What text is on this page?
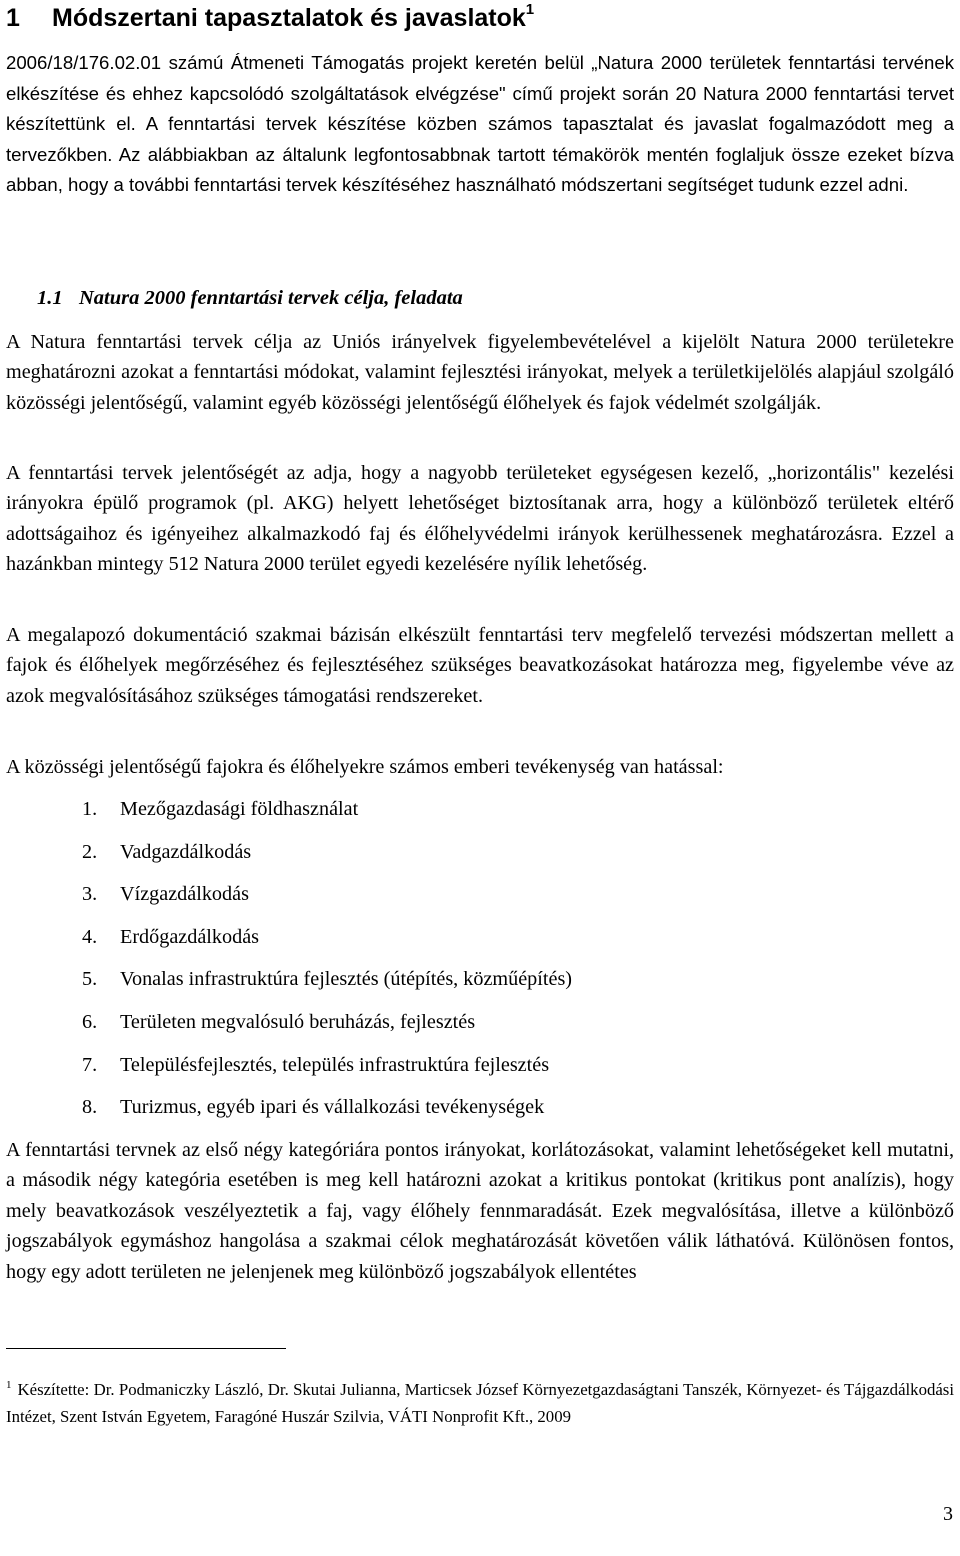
1 Módszertani tapasztalatok és javaslatok$^1$

2006/18/176.02.01 számú Átmeneti Támogatás projekt keretén belül „Natura 2000 területek fenntartási tervének elkészítése és ehhez kapcsolódó szolgáltatások elvégzése" című projekt során 20 Natura 2000 fenntartási tervet készítettünk el. A fenntartási tervek készítése közben számos tapasztalat és javaslat fogalmazódott meg a tervezőkben. Az alábbiakban az általunk legfontosabbnak tartott témakörök mentén foglaljuk össze ezeket bízva abban, hogy a további fenntartási tervek készítéséhez használható módszertani segítséget tudunk ezzel adni.

1.1 Natura 2000 fenntartási tervek célja, feladata

A Natura fenntartási tervek célja az Uniós irányelvek figyelembevételével a kijelölt Natura 2000 területekre meghatározni azokat a fenntartási módokat, valamint fejlesztési irányokat, melyek a területkijelölés alapjául szolgáló közösségi jelentőségű, valamint egyéb közösségi jelentőségű élőhelyek és fajok védelmét szolgálják.

A fenntartási tervek jelentőségét az adja, hogy a nagyobb területeket egységesen kezelő, „horizontális" kezelési irányokra épülő programok (pl. AKG) helyett lehetőséget biztosítanak arra, hogy a különböző területek eltérő adottságaihoz és igényeihez alkalmazkodó faj és élőhelyvédelmi irányok kerülhessenek meghatározásra. Ezzel a hazánkban mintegy 512 Natura 2000 terület egyedi kezelésére nyílik lehetőség.

A megalapozó dokumentáció szakmai bázisán elkészült fenntartási terv megfelelő tervezési módszertan mellett a fajok és élőhelyek megőrzéséhez és fejlesztéséhez szükséges beavatkozásokat határozza meg, figyelembe véve az azok megvalósításához szükséges támogatási rendszereket.

A közösségi jelentőségű fajokra és élőhelyekre számos emberi tevékenység van hatással:

1. Mezőgazdasági földhasználat
2. Vadgazdálkodás
3. Vízgazdálkodás
4. Erdőgazdálkodás
5. Vonalas infrastruktúra fejlesztés (útépítés, közműépítés)
6. Területen megvalósuló beruházás, fejlesztés
7. Településfejlesztés, település infrastruktúra fejlesztés
8. Turizmus, egyéb ipari és vállalkozási tevékenységek

A fenntartási tervnek az első négy kategóriára pontos irányokat, korlátozásokat, valamint lehetőségeket kell mutatni, a második négy kategória esetében is meg kell határozni azokat a kritikus pontokat (kritikus pont analízis), hogy mely beavatkozások veszélyeztetik a faj, vagy élőhely fennmaradását. Ezek megvalósítása, illetve a különböző jogszabályok egymáshoz hangolása a szakmai célok meghatározását követően válik láthatóvá. Különösen fontos, hogy egy adott területen ne jelenjenek meg különböző jogszabályok ellentétes

$^1$ Készítette: Dr. Podmaniczky László, Dr. Skutai Julianna, Marticsek József Környezetgazdaságtani Tanszék, Környezet- és Tájgazdálkodási Intézet, Szent István Egyetem, Faragóné Huszár Szilvia, VÁTI Nonprofit Kft., 2009

3
